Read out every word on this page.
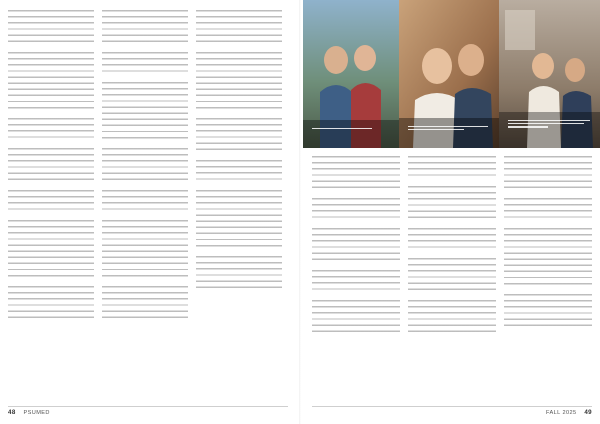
48 PSUMED	FALL 2025 49
